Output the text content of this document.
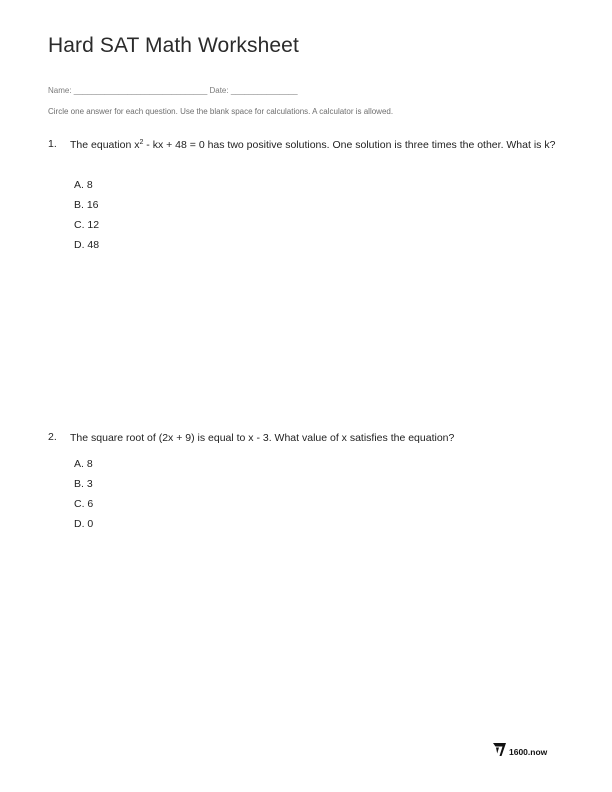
Hard SAT Math Worksheet
Name: ______________________________ Date: _______________
Circle one answer for each question. Use the blank space for calculations. A calculator is allowed.
1. The equation $x^2$ - kx + 48 = 0 has two positive solutions. One solution is three times the other. What is k?
A. 8
B. 16
C. 12
D. 48
2. The square root of (2x + 9) is equal to x - 3. What value of x satisfies the equation?
A. 8
B. 3
C. 6
D. 0
1600.now
